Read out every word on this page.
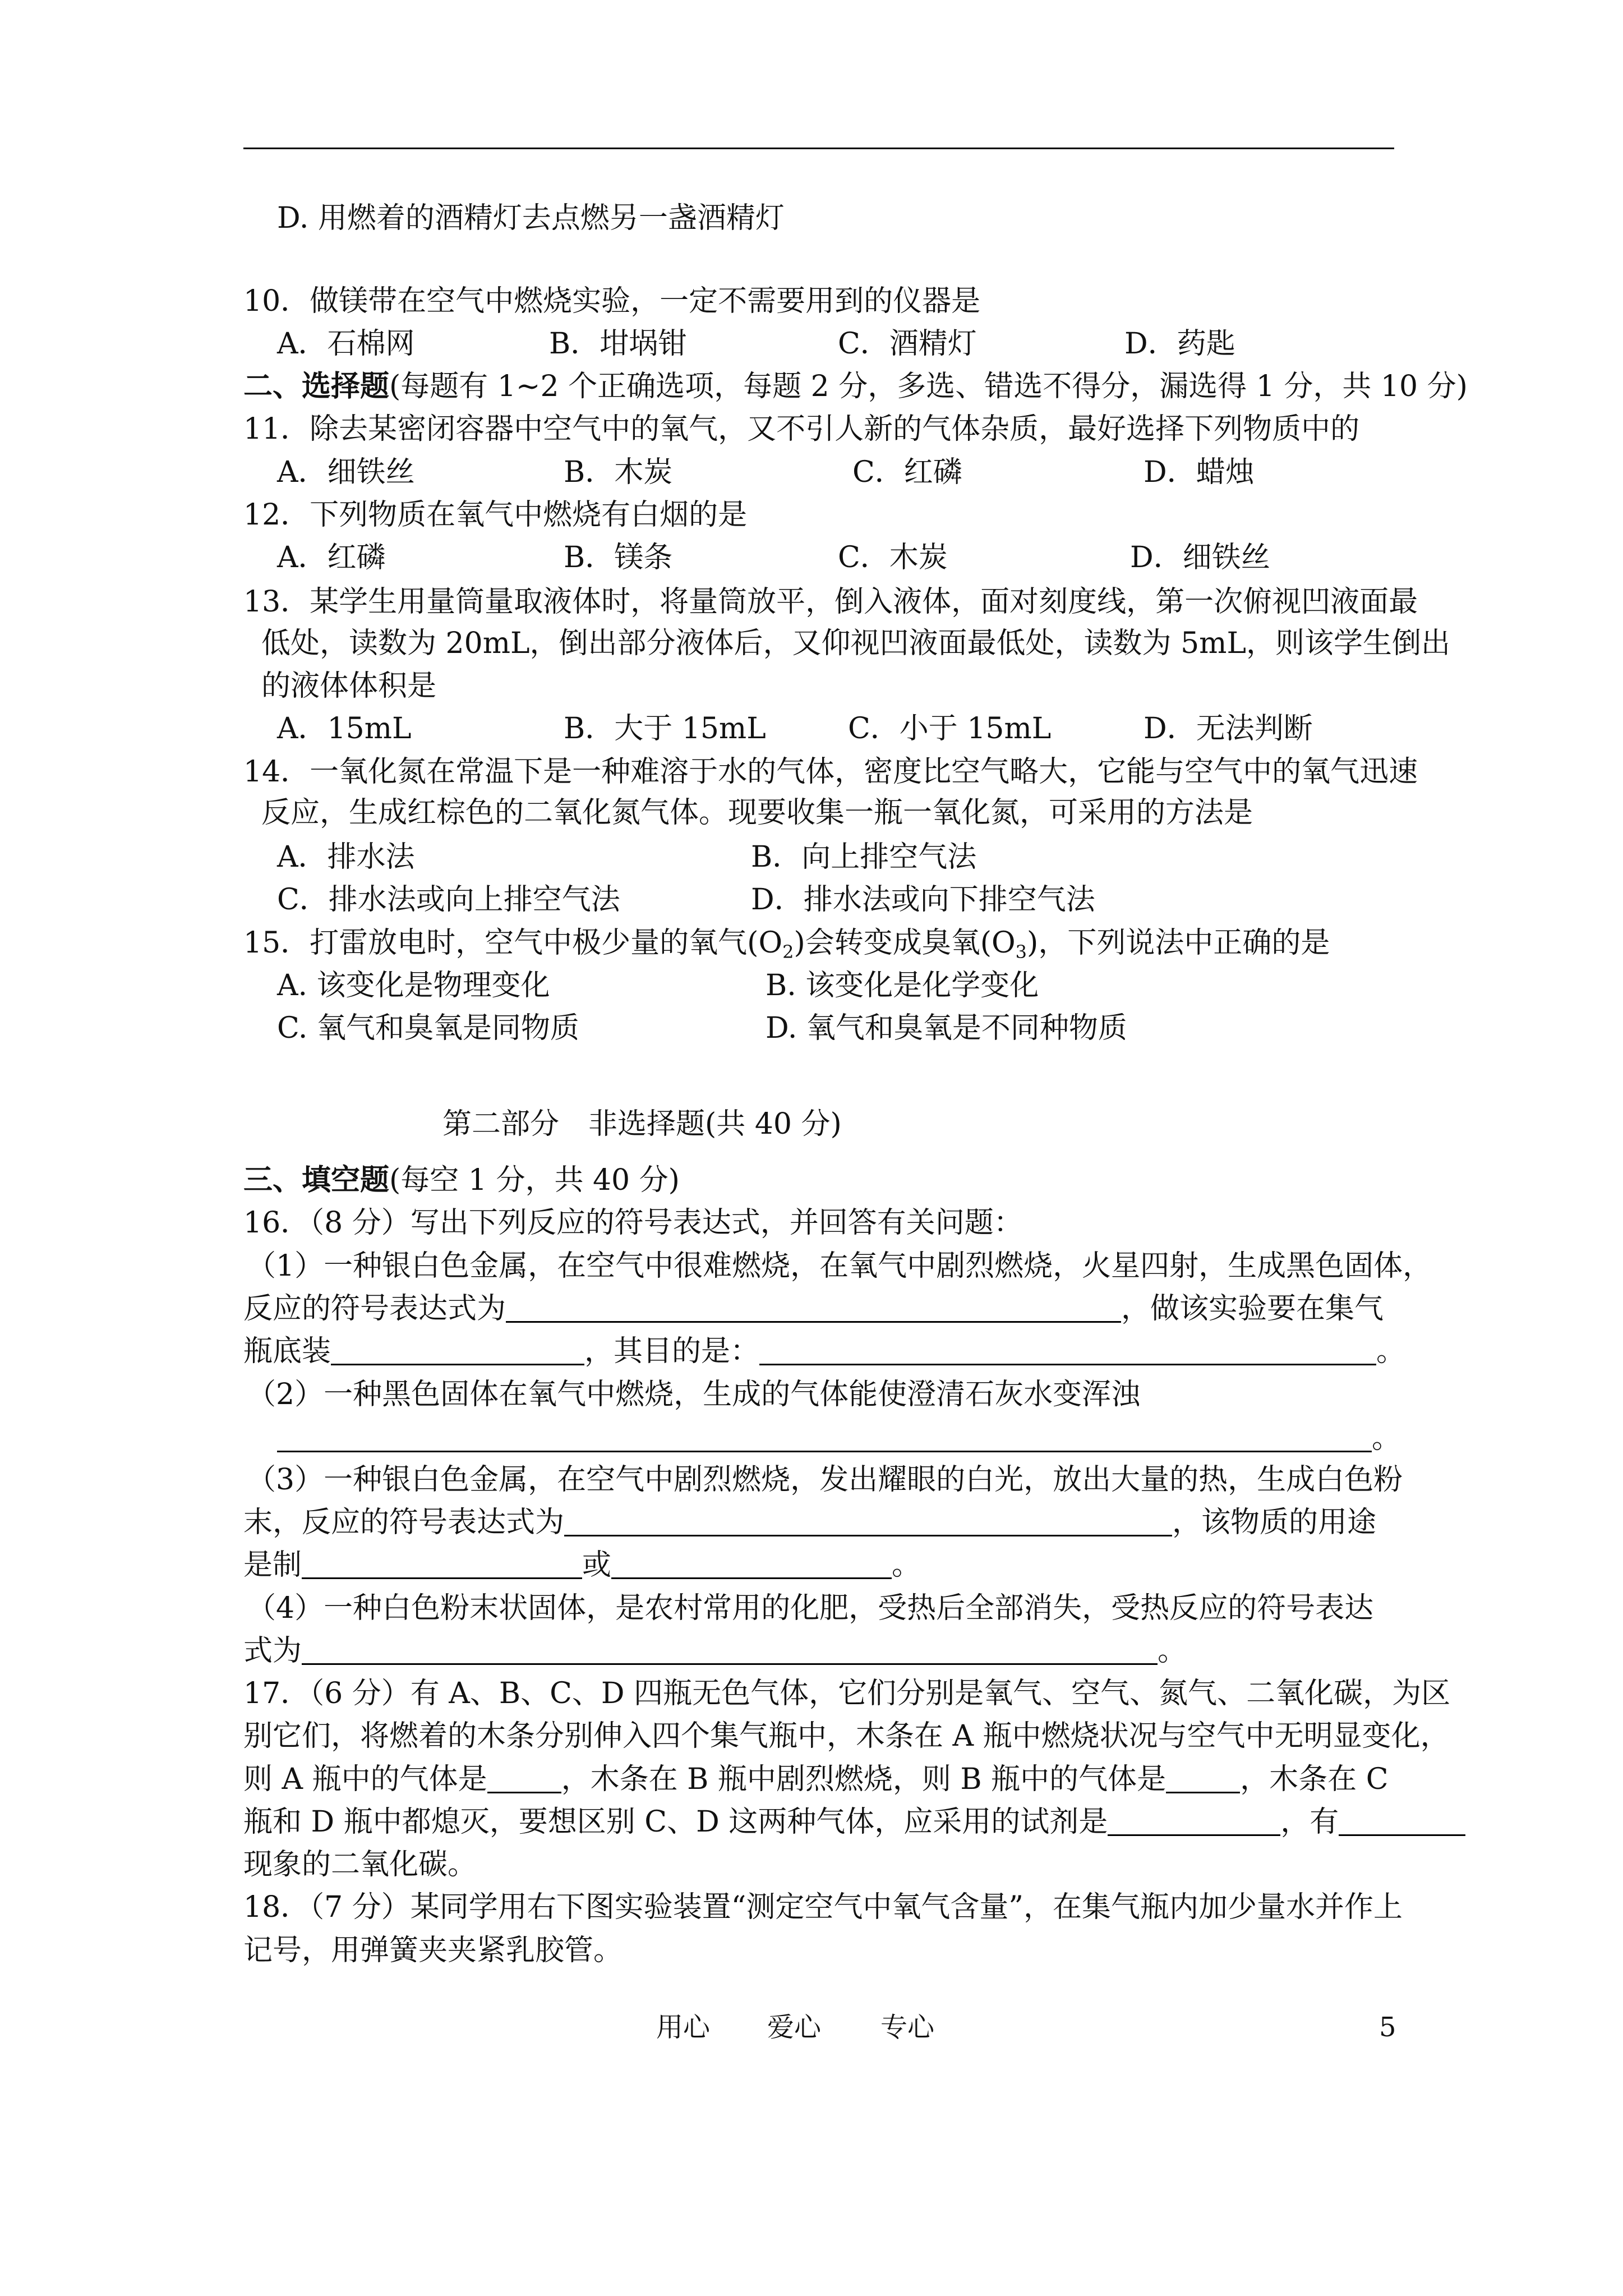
D. 用燃着的酒精灯去点燃另一盏酒精灯
10．做镁带在空气中燃烧实验，一定不需要用到的仪器是
A．石棉网	B．坩埚钳	C．酒精灯	D．药匙
二、选择题(每题有 1~2 个正确选项，每题 2 分，多选、错选不得分，漏选得 1 分，共 10 分)
11．除去某密闭容器中空气中的氧气，又不引人新的气体杂质，最好选择下列物质中的
A．细铁丝	B．木炭	C．红磷	D．蜡烛
12．下列物质在氧气中燃烧有白烟的是
A．红磷	B．镁条	C．木炭	D．细铁丝
13．某学生用量筒量取液体时，将量筒放平，倒入液体，面对刻度线，第一次俯视凹液面最
低处，读数为 20mL，倒出部分液体后，又仰视凹液面最低处，读数为 5mL，则该学生倒出
的液体体积是
A．15mL	B．大于 15mL	C．小于 15mL	D．无法判断
14．一氧化氮在常温下是一种难溶于水的气体，密度比空气略大，它能与空气中的氧气迅速
反应，生成红棕色的二氧化氮气体。现要收集一瓶一氧化氮，可采用的方法是
A．排水法	B．向上排空气法
C．排水法或向上排空气法	D．排水法或向下排空气法
15．打雷放电时，空气中极少量的氧气$(O_2)$会转变成臭氧$(O_3)$，下列说法中正确的是
A. 该变化是物理变化	B. 该变化是化学变化
C. 氧气和臭氧是同物质	D. 氧气和臭氧是不同种物质
第二部分　非选择题(共 40 分)
三、填空题(每空 1 分，共 40 分)
16．（8 分）写出下列反应的符号表达式，并回答有关问题：
（1）一种银白色金属，在空气中很难燃烧，在氧气中剧烈燃烧，火星四射，生成黑色固体，
反应的符号表达式为	，做该实验要在集气
瓶底装	，其目的是：	。
（2）一种黑色固体在氧气中燃烧，生成的气体能使澄清石灰水变浑浊
。
（3）一种银白色金属，在空气中剧烈燃烧，发出耀眼的白光，放出大量的热，生成白色粉
末，反应的符号表达式为	，该物质的用途
是制	或	。
（4）一种白色粉末状固体，是农村常用的化肥，受热后全部消失，受热反应的符号表达
式为	。
17．（6 分）有 A、B、C、D 四瓶无色气体，它们分别是氧气、空气、氮气、二氧化碳，为区
别它们，将燃着的木条分别伸入四个集气瓶中，木条在 A 瓶中燃烧状况与空气中无明显变化，
则 A 瓶中的气体是	，木条在 B 瓶中剧烈燃烧，则 B 瓶中的气体是	，木条在 C
瓶和 D 瓶中都熄灭，要想区别 C、D 这两种气体，应采用的试剂是	，有
现象的二氧化碳。
18．（7 分）某同学用右下图实验装置“测定空气中氧气含量”，在集气瓶内加少量水并作上
记号，用弹簧夹夹紧乳胶管。
用心 爱心 专心	5
